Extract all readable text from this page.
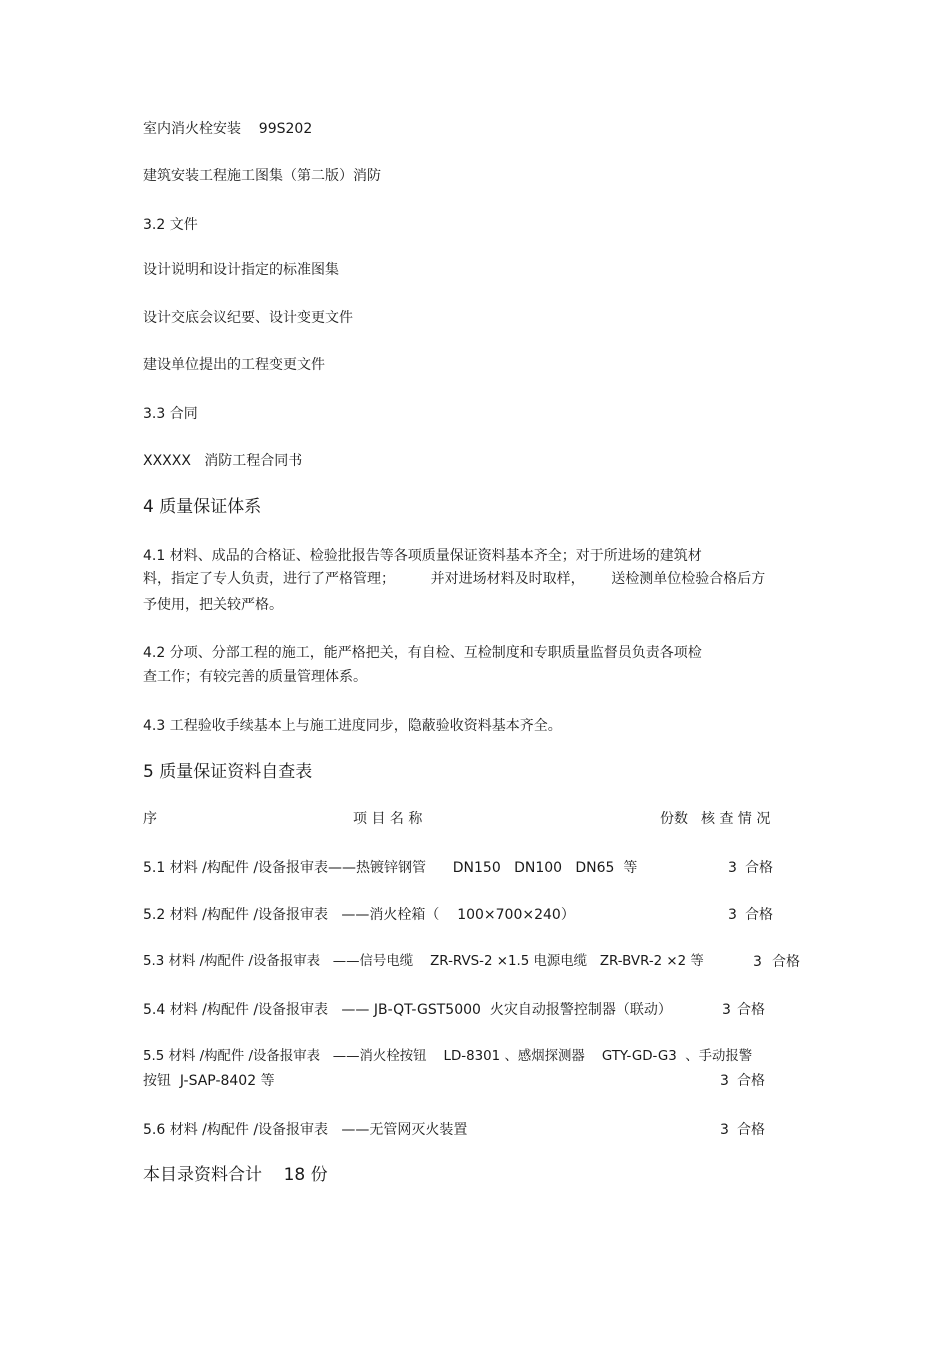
室内消火栓安装    99S202
建筑安装工程施工图集（第二版）消防
3.2 文件
设计说明和设计指定的标准图集
设计交底会议纪要、设计变更文件
建设单位提出的工程变更文件
3.3 合同
XXXXX   消防工程合同书
4 质量保证体系
4.1 材料、成品的合格证、检验批报告等各项质量保证资料基本齐全；对于所进场的建筑材
料，指定了专人负责，进行了严格管理；        并对进场材料及时取样，      送检测单位检验合格后方
予使用，把关较严格。
4.2 分项、分部工程的施工，能严格把关，有自检、互检制度和专职质量监督员负责各项检
查工作；有较完善的质量管理体系。
4.3 工程验收手续基本上与施工进度同步，隐蔽验收资料基本齐全。
5 质量保证资料自查表
序	项 目 名 称	份数 核 查 情 况
5.1 材料 /构配件 /设备报审表——热镀锌钢管      DN150   DN100   DN65  等	3 合格
5.2 材料 /构配件 /设备报审表   ——消火栓箱（    100×700×240）	3 合格
5.3 材料 /构配件 /设备报审表   ——信号电缆    ZR-RVS-2 ×1.5 电源电缆   ZR-BVR-2 ×2 等	3 合格
5.4 材料 /构配件 /设备报审表   —— JB-QT-GST5000  火灾自动报警控制器（联动）	3 合格
5.5 材料 /构配件 /设备报审表   ——消火栓按钮    LD-8301 、感烟探测器    GTY-GD-G3  、手动报警
按钮  J-SAP-8402 等	3 合格
5.6 材料 /构配件 /设备报审表   ——无管网灭火装置	3 合格
本目录资料合计    18 份
